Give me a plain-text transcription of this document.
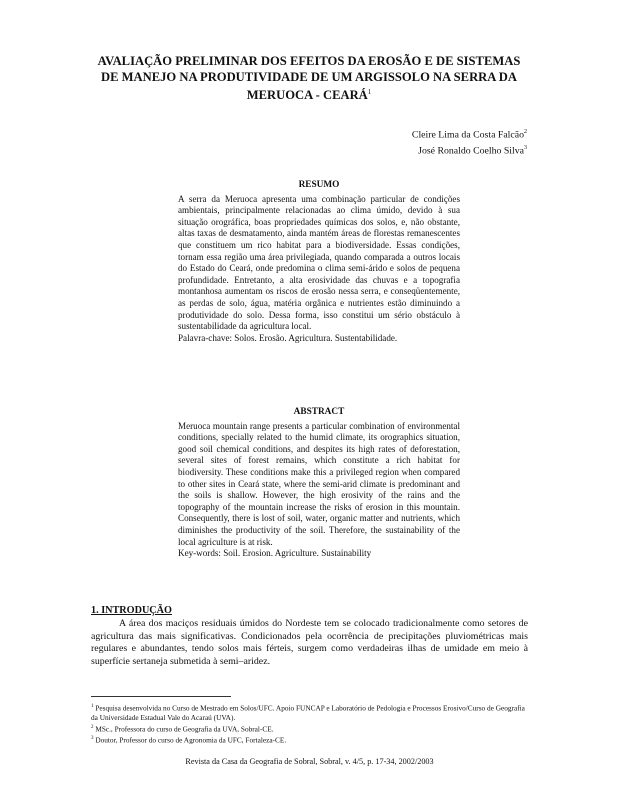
AVALIAÇÃO PRELIMINAR DOS EFEITOS DA EROSÃO E DE SISTEMAS DE MANEJO NA PRODUTIVIDADE DE UM ARGISSOLO NA SERRA DA MERUOCA - CEARÁ$^1$
Cleire Lima da Costa Falcão$^2$
José Ronaldo Coelho Silva$^3$
RESUMO
A serra da Meruoca apresenta uma combinação particular de condições ambientais, principalmente relacionadas ao clima úmido, devido à sua situação orográfica, boas propriedades químicas dos solos, e, não obstante, altas taxas de desmatamento, ainda mantém áreas de florestas remanescentes que constituem um rico habitat para a biodiversidade. Essas condições, tornam essa região uma área privilegiada, quando comparada a outros locais do Estado do Ceará, onde predomina o clima semi-árido e solos de pequena profundidade. Entretanto, a alta erosividade das chuvas e a topografia montanhosa aumentam os riscos de erosão nessa serra, e conseqüentemente, as perdas de solo, água, matéria orgânica e nutrientes estão diminuindo a produtividade do solo. Dessa forma, isso constitui um sério obstáculo à sustentabilidade da agricultura local.
Palavra-chave: Solos. Erosão. Agricultura. Sustentabilidade.
ABSTRACT
Meruoca mountain range presents a particular combination of environmental conditions, specially related to the humid climate, its orographics situation, good soil chemical conditions, and despites its high rates of deforestation, several sites of forest remains, which constitute a rich habitat for biodiversity. These conditions make this a privileged region when compared to other sites in Ceará state, where the semi-arid climate is predominant and the soils is shallow. However, the high erosivity of the rains and the topography of the mountain increase the risks of erosion in this mountain. Consequently, there is lost of soil, water, organic matter and nutrients, which diminishes the productivity of the soil. Therefore, the sustainability of the local agriculture is at risk.
Key-words: Soil. Erosion. Agriculture. Sustainability
1. INTRODUÇÃO
A área dos maciços residuais úmidos do Nordeste tem se colocado tradicionalmente como setores de agricultura das mais significativas. Condicionados pela ocorrência de precipitações pluviométricas mais regulares e abundantes, tendo solos mais férteis, surgem como verdadeiras ilhas de umidade em meio à superfície sertaneja submetida à semi–aridez.

$^1$ Pesquisa desenvolvida no Curso de Mestrado em Solos/UFC. Apoio FUNCAP e Laboratório de Pedologia e Processos Erosivo/Curso de Geografia da Universidade Estadual Vale do Acaraú (UVA).

$^2$ MSc., Professora do curso de Geografia da UVA, Sobral-CE.

$^3$ Doutor, Professor do curso de Agronomia da UFC, Fortaleza-CE.

Revista da Casa da Geografia de Sobral, Sobral, v. 4/5, p. 17-34, 2002/2003
